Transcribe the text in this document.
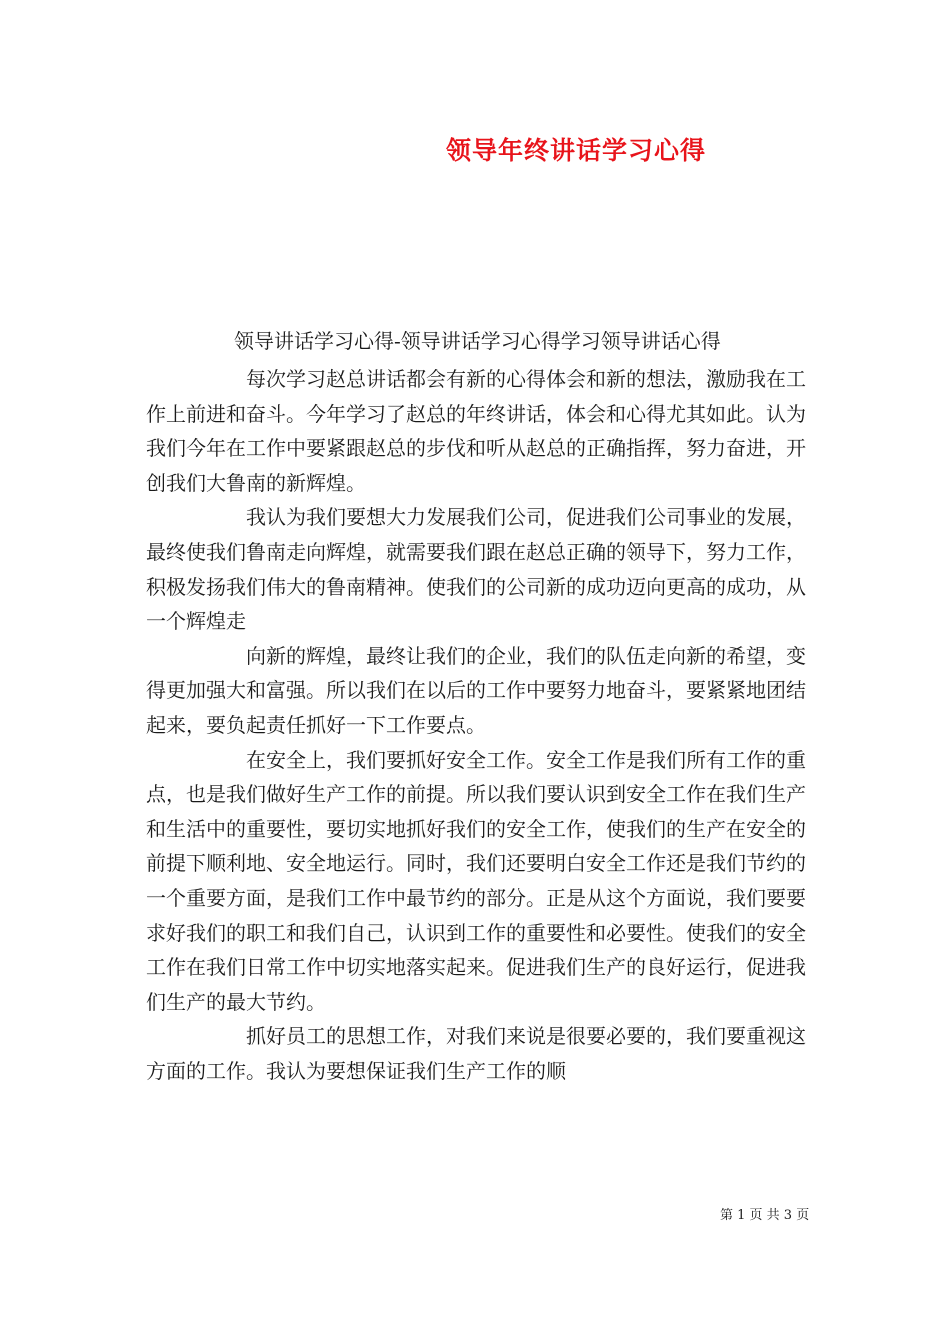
领导年终讲话学习心得
领导讲话学习心得-领导讲话学习心得学习领导讲话心得

每次学习赵总讲话都会有新的心得体会和新的想法，激励我在工作上前进和奋斗。今年学习了赵总的年终讲话，体会和心得尤其如此。认为我们今年在工作中要紧跟赵总的步伐和听从赵总的正确指挥，努力奋进，开创我们大鲁南的新辉煌。

我认为我们要想大力发展我们公司，促进我们公司事业的发展，最终使我们鲁南走向辉煌，就需要我们跟在赵总正确的领导下，努力工作，积极发扬我们伟大的鲁南精神。使我们的公司新的成功迈向更高的成功，从一个辉煌走

向新的辉煌，最终让我们的企业，我们的队伍走向新的希望，变得更加强大和富强。所以我们在以后的工作中要努力地奋斗，要紧紧地团结起来，要负起责任抓好一下工作要点。

在安全上，我们要抓好安全工作。安全工作是我们所有工作的重点，也是我们做好生产工作的前提。所以我们要认识到安全工作在我们生产和生活中的重要性，要切实地抓好我们的安全工作，使我们的生产在安全的前提下顺利地、安全地运行。同时，我们还要明白安全工作还是我们节约的一个重要方面，是我们工作中最节约的部分。正是从这个方面说，我们要要求好我们的职工和我们自己，认识到工作的重要性和必要性。使我们的安全工作在我们日常工作中切实地落实起来。促进我们生产的良好运行，促进我们生产的最大节约。

抓好员工的思想工作，对我们来说是很要必要的，我们要重视这方面的工作。我认为要想保证我们生产工作的顺

第 1 页 共 3 页
